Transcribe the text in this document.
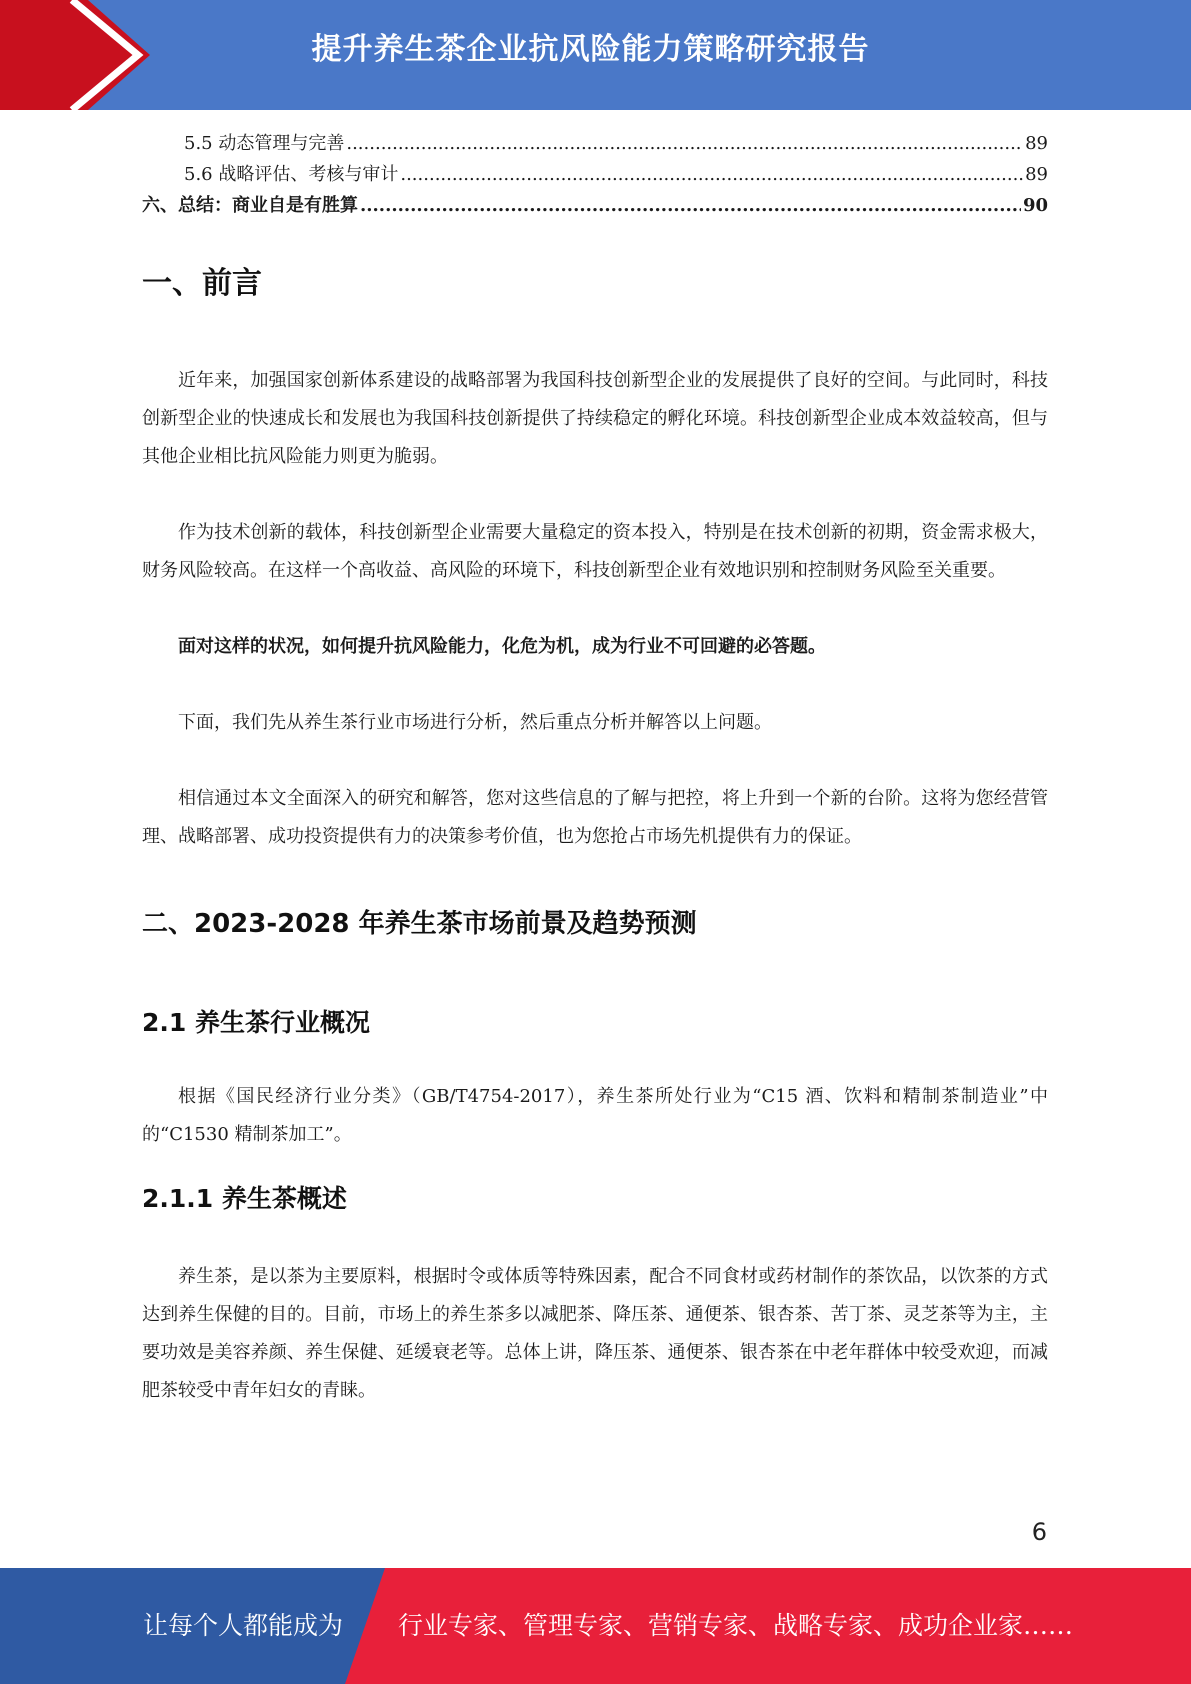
提升养生茶企业抗风险能力策略研究报告
5.5 动态管理与完善 .....	89
5.6 战略评估、考核与审计 .....	89
六、总结：商业自是有胜算 .....	90
一、前言

近年来，加强国家创新体系建设的战略部署为我国科技创新型企业的发展提供了良好的空间。与此同时，科技创新型企业的快速成长和发展也为我国科技创新提供了持续稳定的孵化环境。科技创新型企业成本效益较高，但与其他企业相比抗风险能力则更为脆弱。

作为技术创新的载体，科技创新型企业需要大量稳定的资本投入，特别是在技术创新的初期，资金需求极大，财务风险较高。在这样一个高收益、高风险的环境下，科技创新型企业有效地识别和控制财务风险至关重要。

面对这样的状况，如何提升抗风险能力，化危为机，成为行业不可回避的必答题。

下面，我们先从养生茶行业市场进行分析，然后重点分析并解答以上问题。

相信通过本文全面深入的研究和解答，您对这些信息的了解与把控，将上升到一个新的台阶。这将为您经营管理、战略部署、成功投资提供有力的决策参考价值，也为您抢占市场先机提供有力的保证。

二、2023-2028 年养生茶市场前景及趋势预测
2.1 养生茶行业概况

根据《国民经济行业分类》（GB/T4754-2017），养生茶所处行业为“C15 酒、饮料和精制茶制造业”中的“C1530 精制茶加工”。

2.1.1 养生茶概述

养生茶，是以茶为主要原料，根据时令或体质等特殊因素，配合不同食材或药材制作的茶饮品，以饮茶的方式达到养生保健的目的。目前，市场上的养生茶多以减肥茶、降压茶、通便茶、银杏茶、苦丁茶、灵芝茶等为主，主要功效是美容养颜、养生保健、延缓衰老等。总体上讲，降压茶、通便茶、银杏茶在中老年群体中较受欢迎，而减肥茶较受中青年妇女的青睐。

6
让每个人都能成为 行业专家、管理专家、营销专家、战略专家、成功企业家……
